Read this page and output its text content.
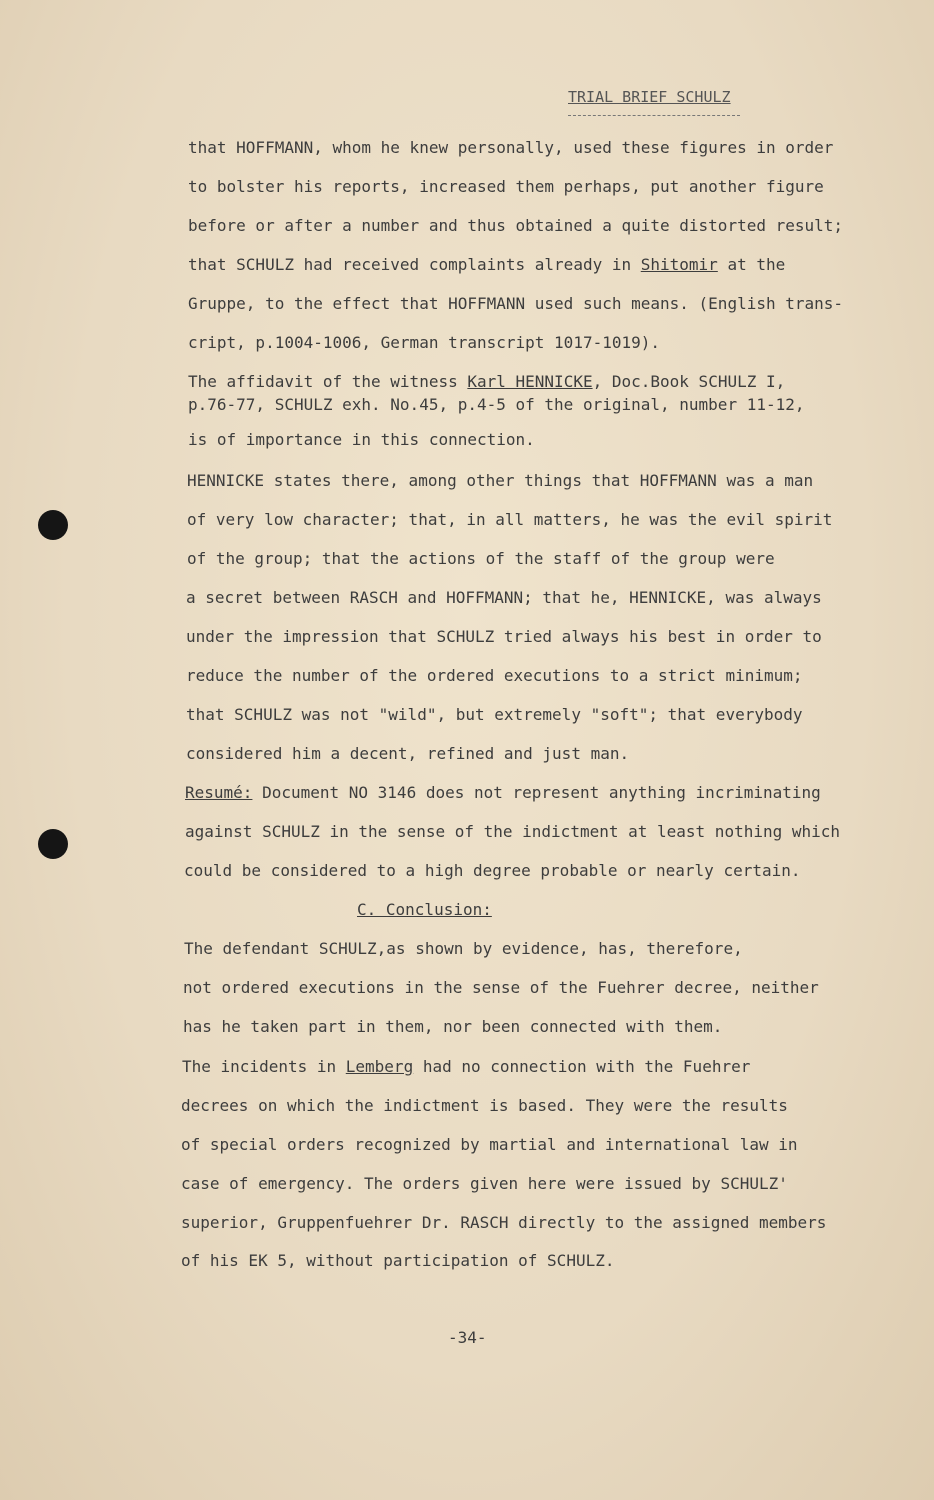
TRIAL BRIEF SCHULZ
that HOFFMANN, whom he knew personally, used these figures in order
to bolster his reports, increased them perhaps, put another figure
before or after a number and thus obtained a quite distorted result;
that SCHULZ had received complaints already in Shitomir at the
Gruppe, to the effect that HOFFMANN used such means. (English trans-
cript, p.1004-1006, German transcript 1017-1019).
The affidavit of the witness Karl HENNICKE, Doc.Book SCHULZ I,
p.76-77, SCHULZ exh. No.45, p.4-5 of the original, number 11-12,
is of importance in this connection.
HENNICKE states there, among other things that HOFFMANN was a man
of very low character; that, in all matters, he was the evil spirit
of the group; that the actions of the staff of the group were
a secret between RASCH and HOFFMANN; that he, HENNICKE, was always
under the impression that SCHULZ tried always his best in order to
reduce the number of the ordered executions to a strict minimum;
that SCHULZ was not "wild", but extremely "soft"; that everybody
considered him a decent, refined and just man.
Resumé: Document NO 3146 does not represent anything incriminating
against SCHULZ in the sense of the indictment at least nothing which
could be considered to a high degree probable or nearly certain.
The defendant SCHULZ,as shown by evidence, has, therefore,
not ordered executions in the sense of the Fuehrer decree, neither
has he taken part in them, nor been connected with them.
The incidents in Lemberg had no connection with the Fuehrer
decrees on which the indictment is based. They were the results
of special orders recognized by martial and international law in
case of emergency. The orders given here were issued by SCHULZ'
superior, Gruppenfuehrer Dr. RASCH directly to the assigned members
of his EK 5, without participation of SCHULZ.
C. Conclusion:
-34-
